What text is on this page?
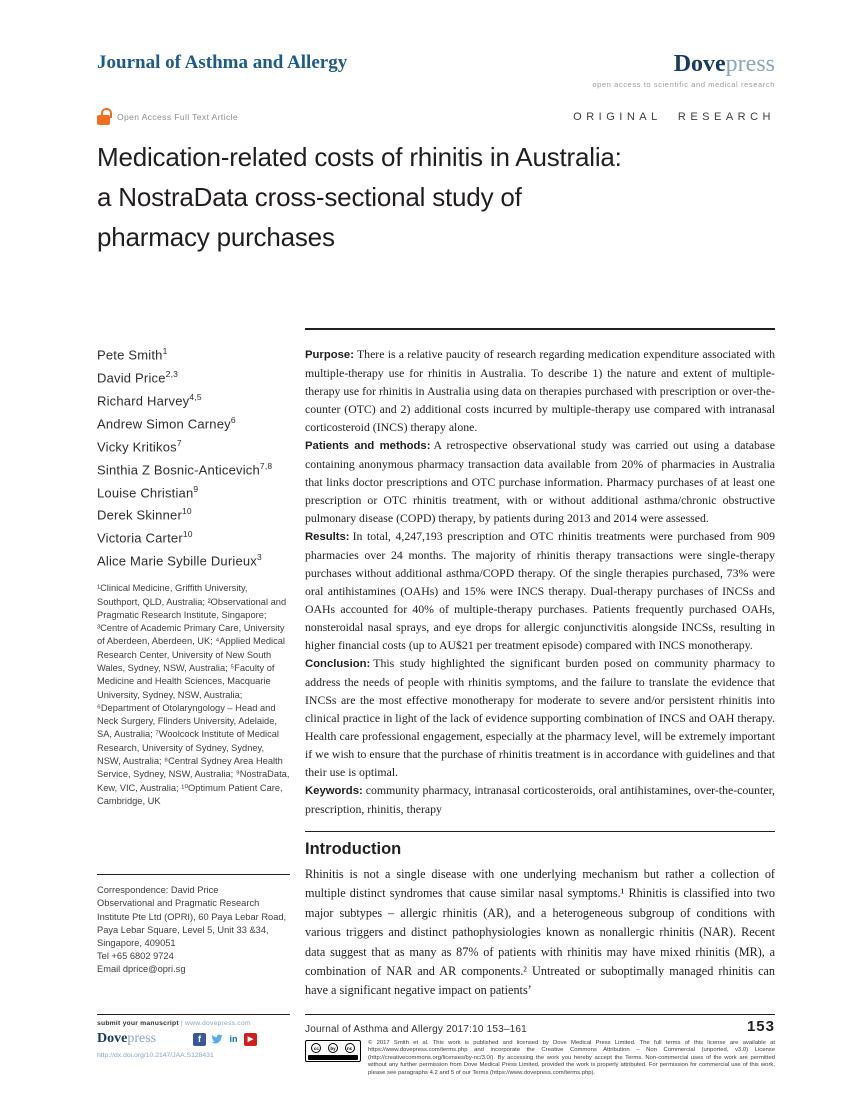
Journal of Asthma and Allergy	Dovepress
open access to scientific and medical research
Open Access Full Text Article	ORIGINAL RESEARCH
Medication-related costs of rhinitis in Australia:
a NostraData cross-sectional study of
pharmacy purchases
Pete Smith$^1$
David Price$^{2,3}$
Richard Harvey$^{4,5}$
Andrew Simon Carney$^6$
Vicky Kritikos$^7$
Sinthia Z Bosnic-Anticevich$^{7,8}$
Louise Christian$^9$
Derek Skinner$^{10}$
Victoria Carter$^{10}$
Alice Marie Sybille Durieux$^3$
¹Clinical Medicine, Griffith University, Southport, QLD, Australia; ²Observational and Pragmatic Research Institute, Singapore; ³Centre of Academic Primary Care, University of Aberdeen, Aberdeen, UK; ⁴Applied Medical Research Center, University of New South Wales, Sydney, NSW, Australia; ⁵Faculty of Medicine and Health Sciences, Macquarie University, Sydney, NSW, Australia; ⁶Department of Otolaryngology – Head and Neck Surgery, Flinders University, Adelaide, SA, Australia; ⁷Woolcock Institute of Medical Research, University of Sydney, Sydney, NSW, Australia; ⁸Central Sydney Area Health Service, Sydney, NSW, Australia; ⁹NostraData, Kew, VIC, Australia; ¹⁰Optimum Patient Care, Cambridge, UK
Correspondence: David Price
Observational and Pragmatic Research Institute Pte Ltd (OPRI), 60 Paya Lebar Road, Paya Lebar Square, Level 5, Unit 33 &34, Singapore, 409051
Tel +65 6802 9724
Email dprice@opri.sg

Purpose: There is a relative paucity of research regarding medication expenditure associated with multiple-therapy use for rhinitis in Australia. To describe 1) the nature and extent of multiple-therapy use for rhinitis in Australia using data on therapies purchased with prescription or over-the-counter (OTC) and 2) additional costs incurred by multiple-therapy use compared with intranasal corticosteroid (INCS) therapy alone.

Patients and methods: A retrospective observational study was carried out using a database containing anonymous pharmacy transaction data available from 20% of pharmacies in Australia that links doctor prescriptions and OTC purchase information. Pharmacy purchases of at least one prescription or OTC rhinitis treatment, with or without additional asthma/chronic obstructive pulmonary disease (COPD) therapy, by patients during 2013 and 2014 were assessed.

Results: In total, 4,247,193 prescription and OTC rhinitis treatments were purchased from 909 pharmacies over 24 months. The majority of rhinitis therapy transactions were single-therapy purchases without additional asthma/COPD therapy. Of the single therapies purchased, 73% were oral antihistamines (OAHs) and 15% were INCS therapy. Dual-therapy purchases of INCSs and OAHs accounted for 40% of multiple-therapy purchases. Patients frequently purchased OAHs, nonsteroidal nasal sprays, and eye drops for allergic conjunctivitis alongside INCSs, resulting in higher financial costs (up to AU$21 per treatment episode) compared with INCS monotherapy.

Conclusion: This study highlighted the significant burden posed on community pharmacy to address the needs of people with rhinitis symptoms, and the failure to translate the evidence that INCSs are the most effective monotherapy for moderate to severe and/or persistent rhinitis into clinical practice in light of the lack of evidence supporting combination of INCS and OAH therapy. Health care professional engagement, especially at the pharmacy level, will be extremely important if we wish to ensure that the purchase of rhinitis treatment is in accordance with guidelines and that their use is optimal.

Keywords: community pharmacy, intranasal corticosteroids, oral antihistamines, over-the-counter, prescription, rhinitis, therapy

Introduction

Rhinitis is not a single disease with one underlying mechanism but rather a collection of multiple distinct syndromes that cause similar nasal symptoms.¹ Rhinitis is classified into two major subtypes – allergic rhinitis (AR), and a heterogeneous subgroup of conditions with various triggers and distinct pathophysiologies known as nonallergic rhinitis (NAR). Recent data suggest that as many as 87% of patients with rhinitis may have mixed rhinitis (MR), a combination of NAR and AR components.² Untreated or suboptimally managed rhinitis can have a significant negative impact on patients’

submit your manuscript | www.dovepress.com
Dovepress	f	in	▶
http://dx.doi.org/10.2147/JAA.S128431
Journal of Asthma and Allergy 2017:10 153–161	153
cc	by	nc
© 2017 Smith et al. This work is published and licensed by Dove Medical Press Limited. The full terms of this license are available at https://www.dovepress.com/terms.php and incorporate the Creative Commons Attribution – Non Commercial (unported, v3.0) License (http://creativecommons.org/licenses/by-nc/3.0/). By accessing the work you hereby accept the Terms. Non-commercial uses of the work are permitted without any further permission from Dove Medical Press Limited, provided the work is properly attributed. For permission for commercial use of this work, please see paragraphs 4.2 and 5 of our Terms (https://www.dovepress.com/terms.php).
